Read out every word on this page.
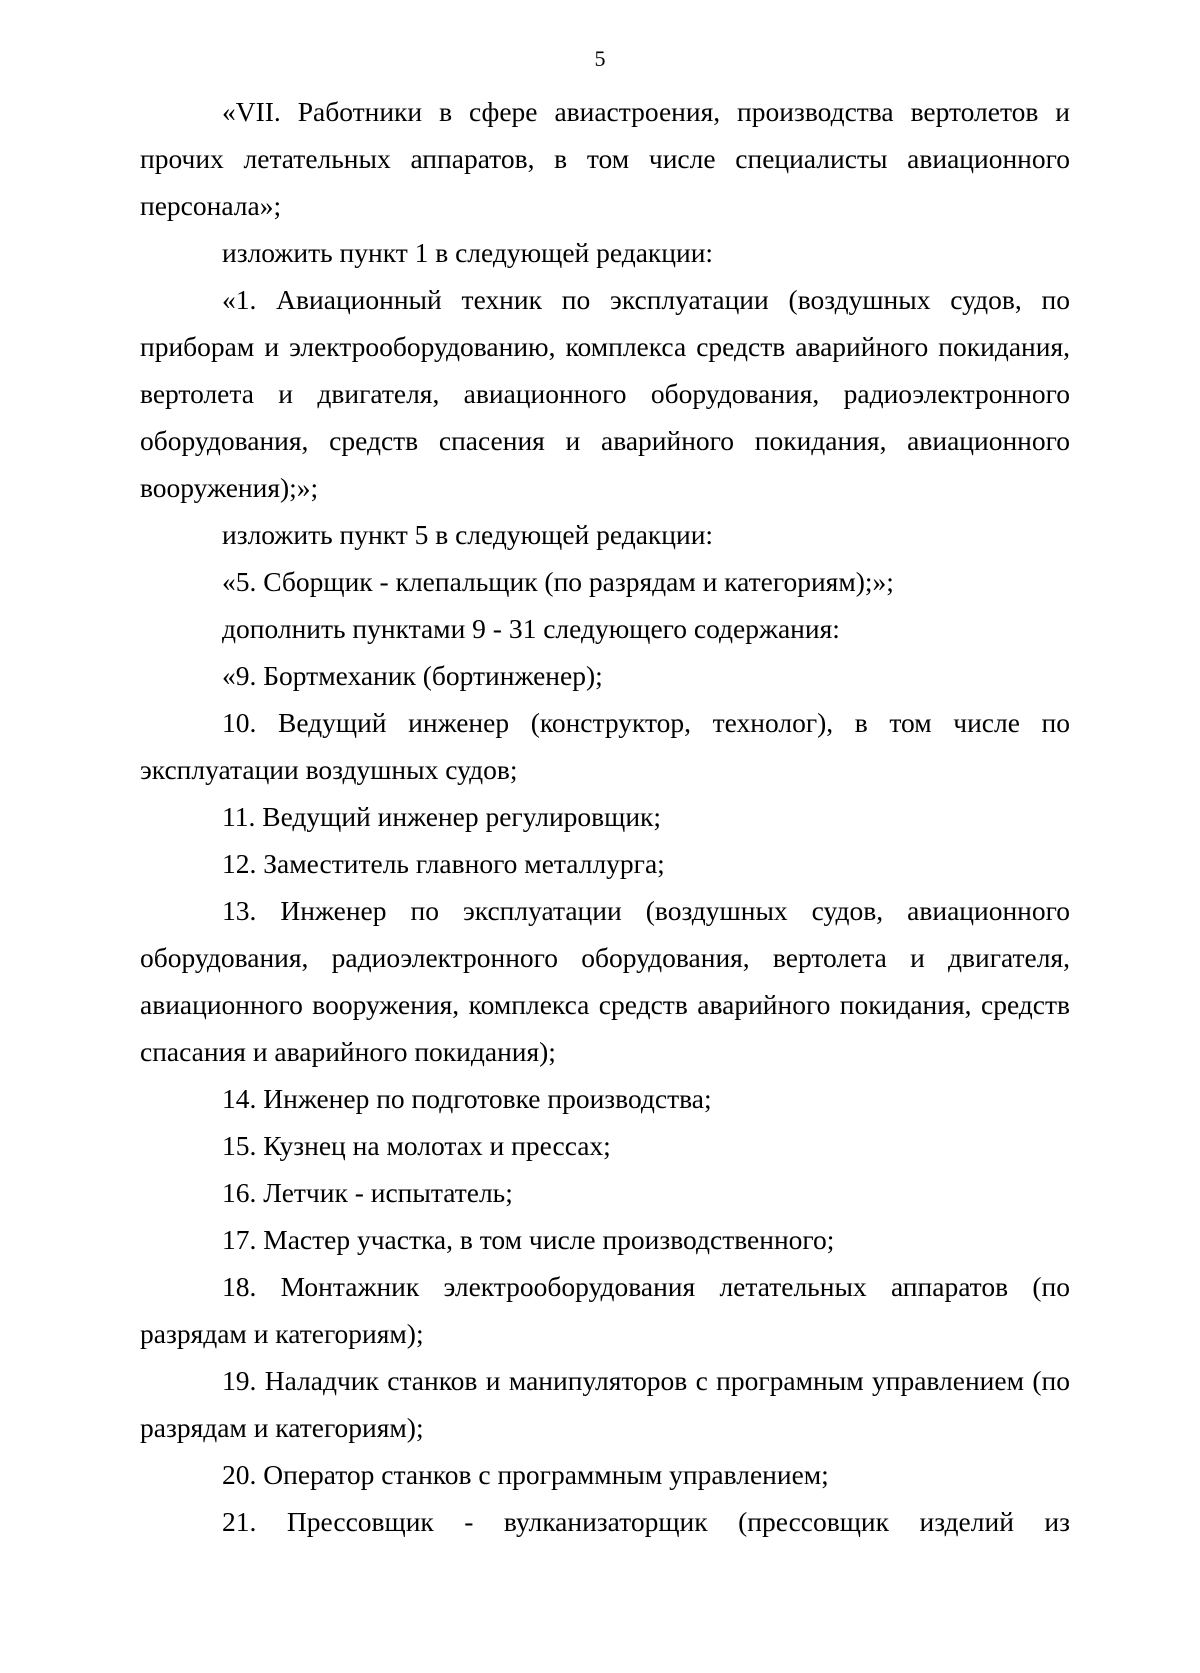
5

«VII. Работники в сфере авиастроения, производства вертолетов и прочих летательных аппаратов, в том числе специалисты авиационного персонала»;

изложить пункт 1 в следующей редакции:

«1. Авиационный техник по эксплуатации (воздушных судов, по приборам и электрооборудованию, комплекса средств аварийного покидания, вертолета и двигателя, авиационного оборудования, радиоэлектронного оборудования, средств спасения и аварийного покидания, авиационного вооружения);»;

изложить пункт 5 в следующей редакции:

«5. Сборщик - клепальщик (по разрядам и категориям);»;

дополнить пунктами 9 - 31 следующего содержания:

«9. Бортмеханик (бортинженер);

10. Ведущий инженер (конструктор, технолог), в том числе по эксплуатации воздушных судов;

11. Ведущий инженер регулировщик;

12. Заместитель главного металлурга;

13. Инженер по эксплуатации (воздушных судов, авиационного оборудования, радиоэлектронного оборудования, вертолета и двигателя, авиационного вооружения, комплекса средств аварийного покидания, средств спасания и аварийного покидания);

14. Инженер по подготовке производства;

15. Кузнец на молотах и прессах;

16. Летчик - испытатель;

17. Мастер участка, в том числе производственного;

18. Монтажник электрооборудования летательных аппаратов (по разрядам и категориям);

19. Наладчик станков и манипуляторов с програмным управлением (по разрядам и категориям);

20. Оператор станков с программным управлением;

21. Прессовщик - вулканизаторщик (прессовщик изделий из
